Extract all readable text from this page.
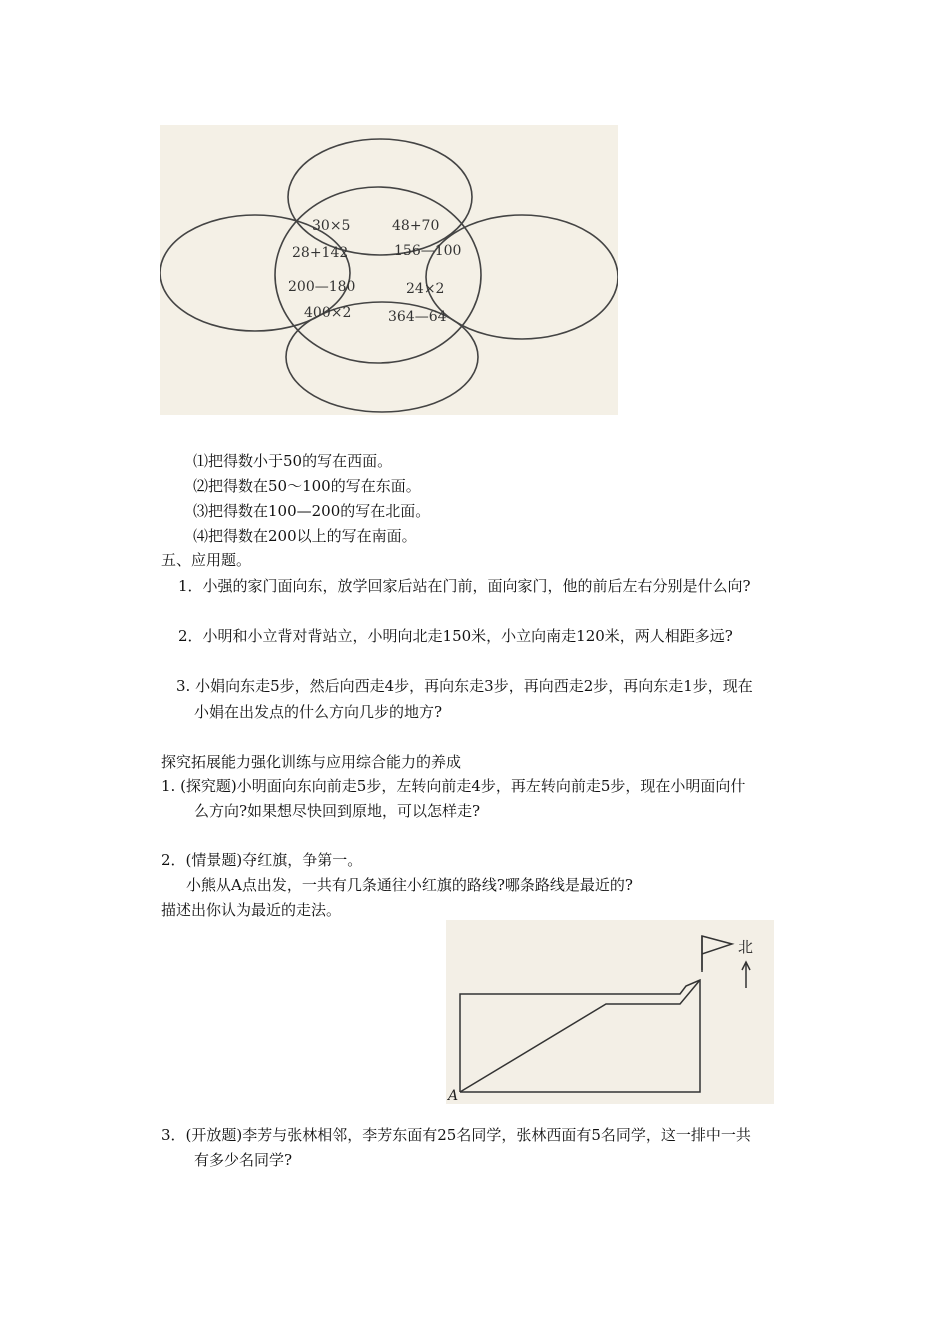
30×5	48+70
28+142	156—100
200—180	24×2
400×2	364—64
⑴把得数小于50的写在西面。
⑵把得数在50～100的写在东面。
⑶把得数在100—200的写在北面。
⑷把得数在200以上的写在南面。
五、应用题。
1．小强的家门面向东，放学回家后站在门前，面向家门，他的前后左右分别是什么向?
2．小明和小立背对背站立，小明向北走150米，小立向南走120米，两人相距多远?
3. 小娟向东走5步，然后向西走4步，再向东走3步，再向西走2步，再向东走1步，现在
小娟在出发点的什么方向几步的地方?
探究拓展能力强化训练与应用综合能力的养成
1. (探究题)小明面向东向前走5步，左转向前走4步，再左转向前走5步，现在小明面向什
么方向?如果想尽快回到原地，可以怎样走?
2．(情景题)夺红旗，争第一。
小熊从A点出发，一共有几条通往小红旗的路线?哪条路线是最近的?
描述出你认为最近的走法。
北
A
3．(开放题)李芳与张林相邻，李芳东面有25名同学，张林西面有5名同学，这一排中一共
有多少名同学?
